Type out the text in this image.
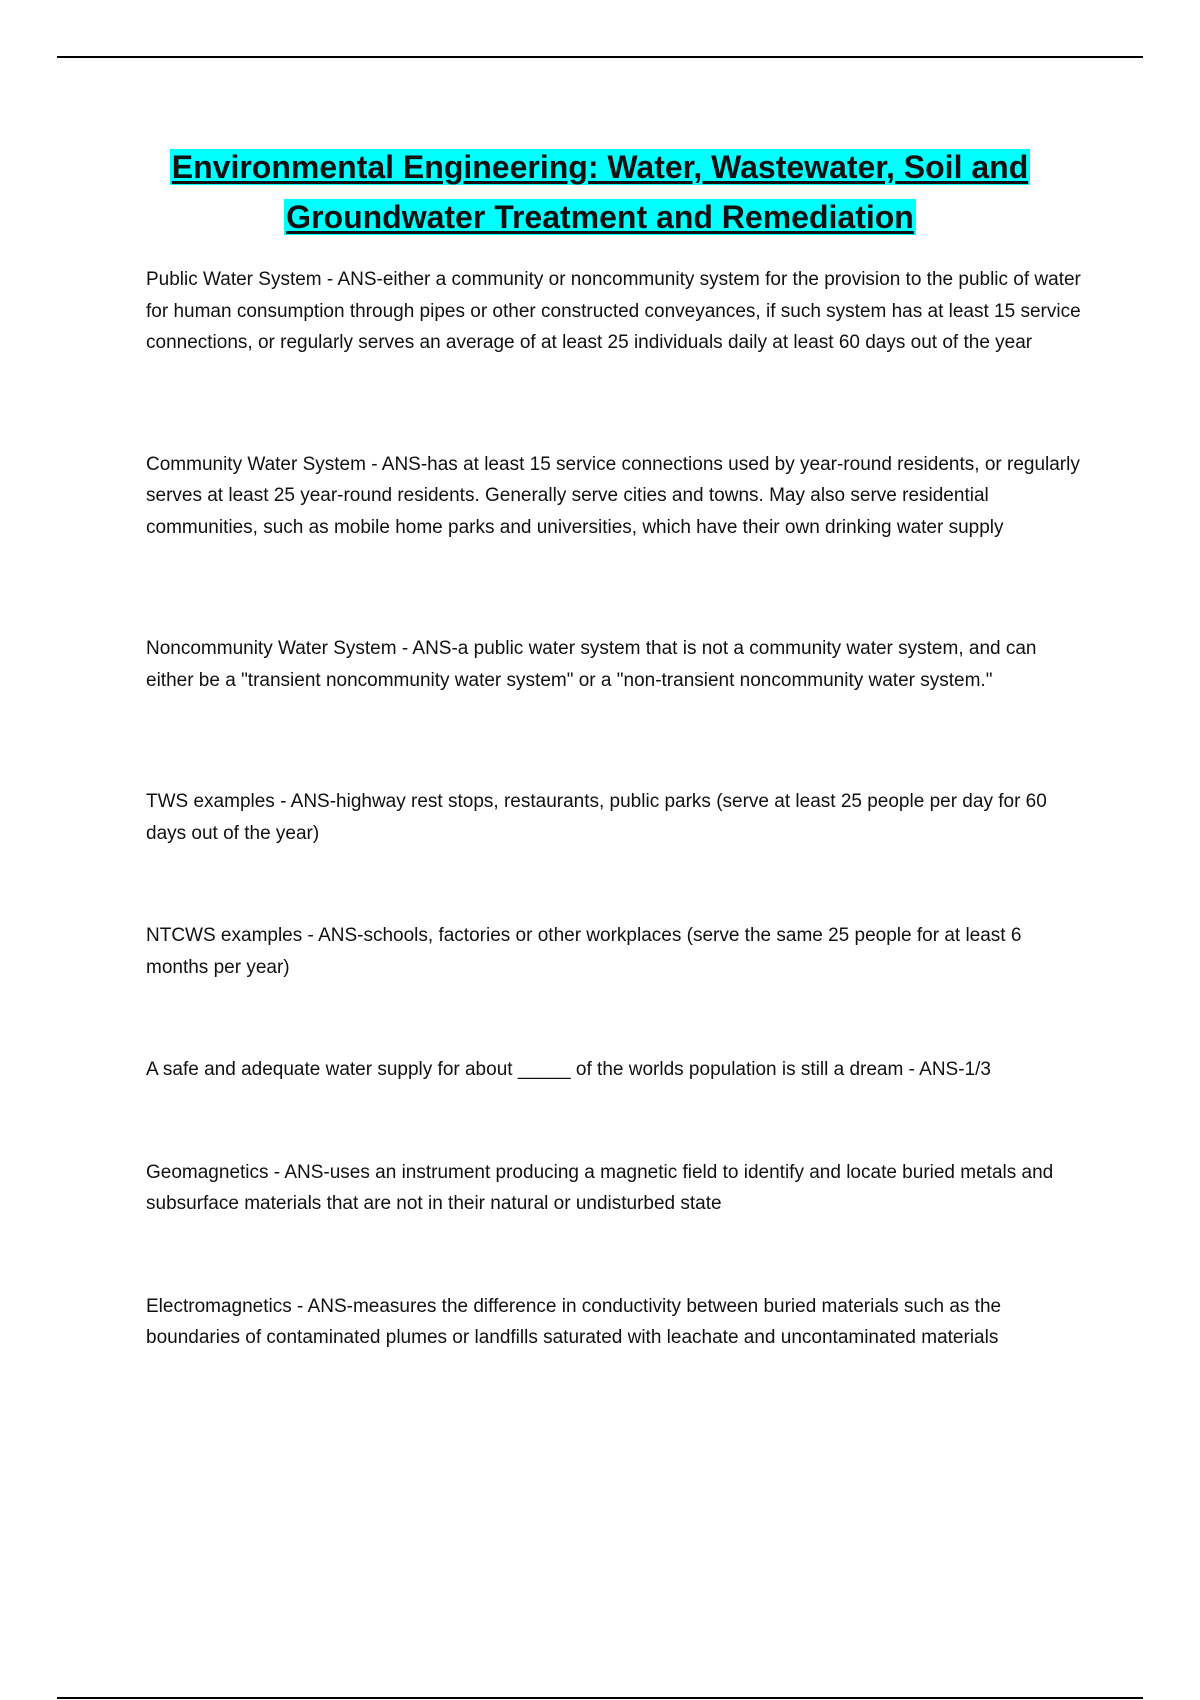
Environmental Engineering: Water, Wastewater, Soil and
Groundwater Treatment and Remediation

Public Water System - ANS-either a community or noncommunity system for the provision to the public of water for human consumption through pipes or other constructed conveyances, if such system has at least 15 service connections, or regularly serves an average of at least 25 individuals daily at least 60 days out of the year

Community Water System - ANS-has at least 15 service connections used by year-round residents, or regularly serves at least 25 year-round residents. Generally serve cities and towns. May also serve residential communities, such as mobile home parks and universities, which have their own drinking water supply

Noncommunity Water System - ANS-a public water system that is not a community water system, and can either be a "transient noncommunity water system" or a "non-transient noncommunity water system."

TWS examples - ANS-highway rest stops, restaurants, public parks (serve at least 25 people per day for 60 days out of the year)

NTCWS examples - ANS-schools, factories or other workplaces (serve the same 25 people for at least 6 months per year)

A safe and adequate water supply for about _____ of the worlds population is still a dream - ANS-1/3

Geomagnetics - ANS-uses an instrument producing a magnetic field to identify and locate buried metals and subsurface materials that are not in their natural or undisturbed state

Electromagnetics - ANS-measures the difference in conductivity between buried materials such as the boundaries of contaminated plumes or landfills saturated with leachate and uncontaminated materials
